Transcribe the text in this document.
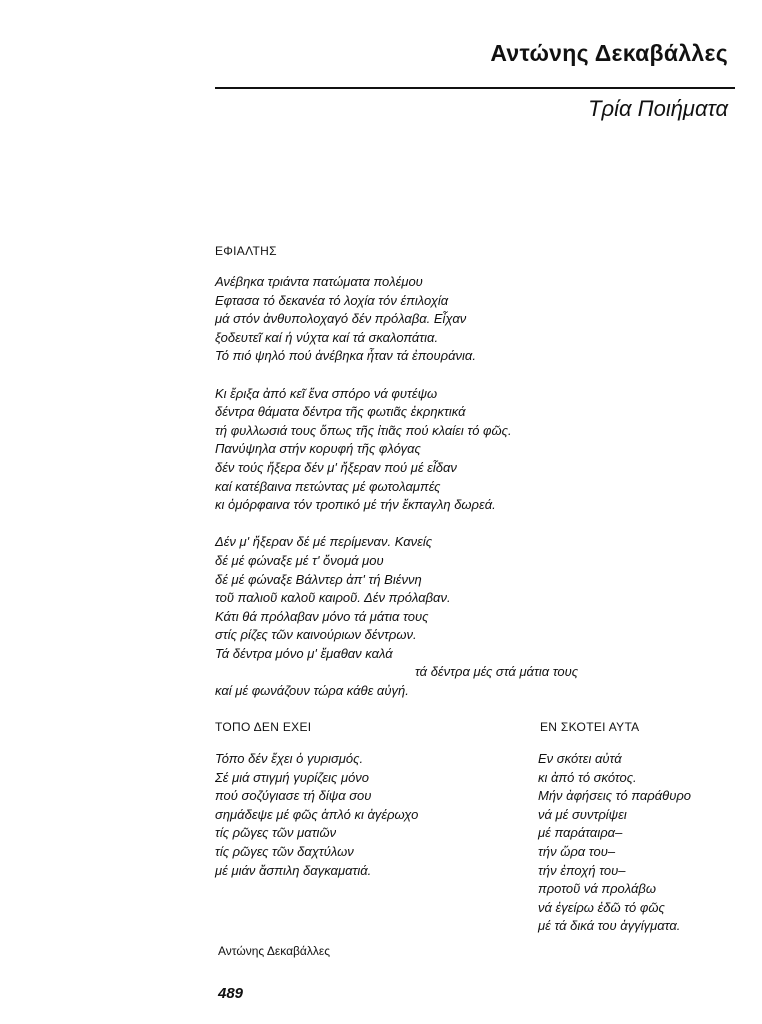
Αντώνης Δεκαβάλλες
Τρία Ποιήματα
ΕΦΙΑΛΤΗΣ
Ανέβηκα τριάντα πατώματα πολέμου
Εφτασα τό δεκανέα τό λοχία τόν έπιλοχία
μά στόν ἀνθυπολοχαγό δέν πρόλαβα. Εἶχαν
ξοδευτεῖ καί ἡ νύχτα καί τά σκαλοπάτια.
Τό πιό ψηλό πού ἀνέβηκα ἦταν τά ἐπουράνια.
Κι ἔριξα ἀπό κεῖ ἕνα σπόρο νά φυτέψω
δέντρα θάματα δέντρα τῆς φωτιᾶς ἐκρηκτικά
τή φυλλωσιά τους ὅπως τῆς ἰτιᾶς πού κλαίει τό φῶς.
Πανύψηλα στήν κορυφή τῆς φλόγας
δέν τούς ἤξερα δέν μ' ἤξεραν πού μέ εἶδαν
καί κατέβαινα πετώντας μέ φωτολαμπές
κι ὀμόρφαινα τόν τροπικό μέ τήν ἔκπαγλη δωρεά.
Δέν μ' ἤξεραν δέ μέ περίμεναν. Κανείς
δέ μέ φώναξε μέ τ' ὄνομά μου
δέ μέ φώναξε Βάλντερ ἀπ' τή Βιέννη
τοῦ παλιοῦ καλοῦ καιροῦ. Δέν πρόλαβαν.
Κάτι θά πρόλαβαν μόνο τά μάτια τους
στίς ρίζες τῶν καινούριων δέντρων.
Τά δέντρα μόνο μ' ἔμαθαν καλά
τά δέντρα μές στά μάτια τους
καί μέ φωνάζουν τώρα κάθε αὐγή.
ΤΟΠΟ ΔΕΝ ΕΧΕΙ
Τόπο δέν ἔχει ὁ γυρισμός.
Σέ μιά στιγμή γυρίζεις μόνο
πού σοζύγιασε τή δίψα σου
σημάδεψε μέ φῶς ἁπλό κι ἀγέρωχο
τίς ρῶγες τῶν ματιῶν
τίς ρῶγες τῶν δαχτύλων
μέ μιάν ἄσπιλη δαγκαματιά.
ΕΝ ΣΚΟΤΕΙ ΑΥΤΑ
Εν σκότει αὐτά
κι ἀπό τό σκότος.
Μήν ἀφήσεις τό παράθυρο
νά μέ συντρίψει
μέ παράταιρα–
τήν ὥρα του–
τήν ἐποχή του–
προτοῦ νά προλάβω
νά ἐγείρω ἐδῶ τό φῶς
μέ τά δικά του ἀγγίγματα.
Αντώνης Δεκαβάλλες
489
